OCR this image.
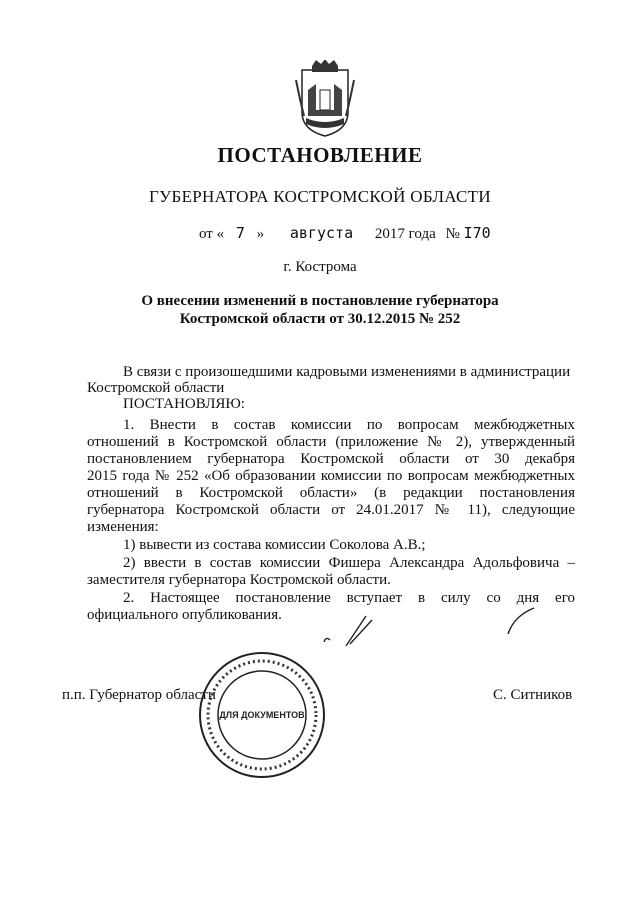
ПОСТАНОВЛЕНИЕ
ГУБЕРНАТОРА КОСТРОМСКОЙ ОБЛАСТИ
от « 7 » августа 2017 года № I70
г. Кострома
О внесении изменений в постановление губернатора
Костромской области от 30.12.2015 № 252
В связи с произошедшими кадровыми изменениями в администрации
Костромской области
ПОСТАНОВЛЯЮ:
1. Внести в состав комиссии по вопросам межбюджетных
отношений в Костромской области (приложение № 2), утвержденный
постановлением губернатора Костромской области от 30 декабря
2015 года № 252 «Об образовании комиссии по вопросам межбюджетных
отношений в Костромской области» (в редакции постановления
губернатора Костромской области от 24.01.2017 № 11), следующие
изменения:
1) вывести из состава комиссии Соколова А.В.;
2) ввести в состав комиссии Фишера Александра Адольфовича –
заместителя губернатора Костромской области.
2. Настоящее постановление вступает в силу со дня его
официального опубликования.
п.п. Губернатор области	С. Ситников
ДЛЯ ДОКУМЕНТОВ
